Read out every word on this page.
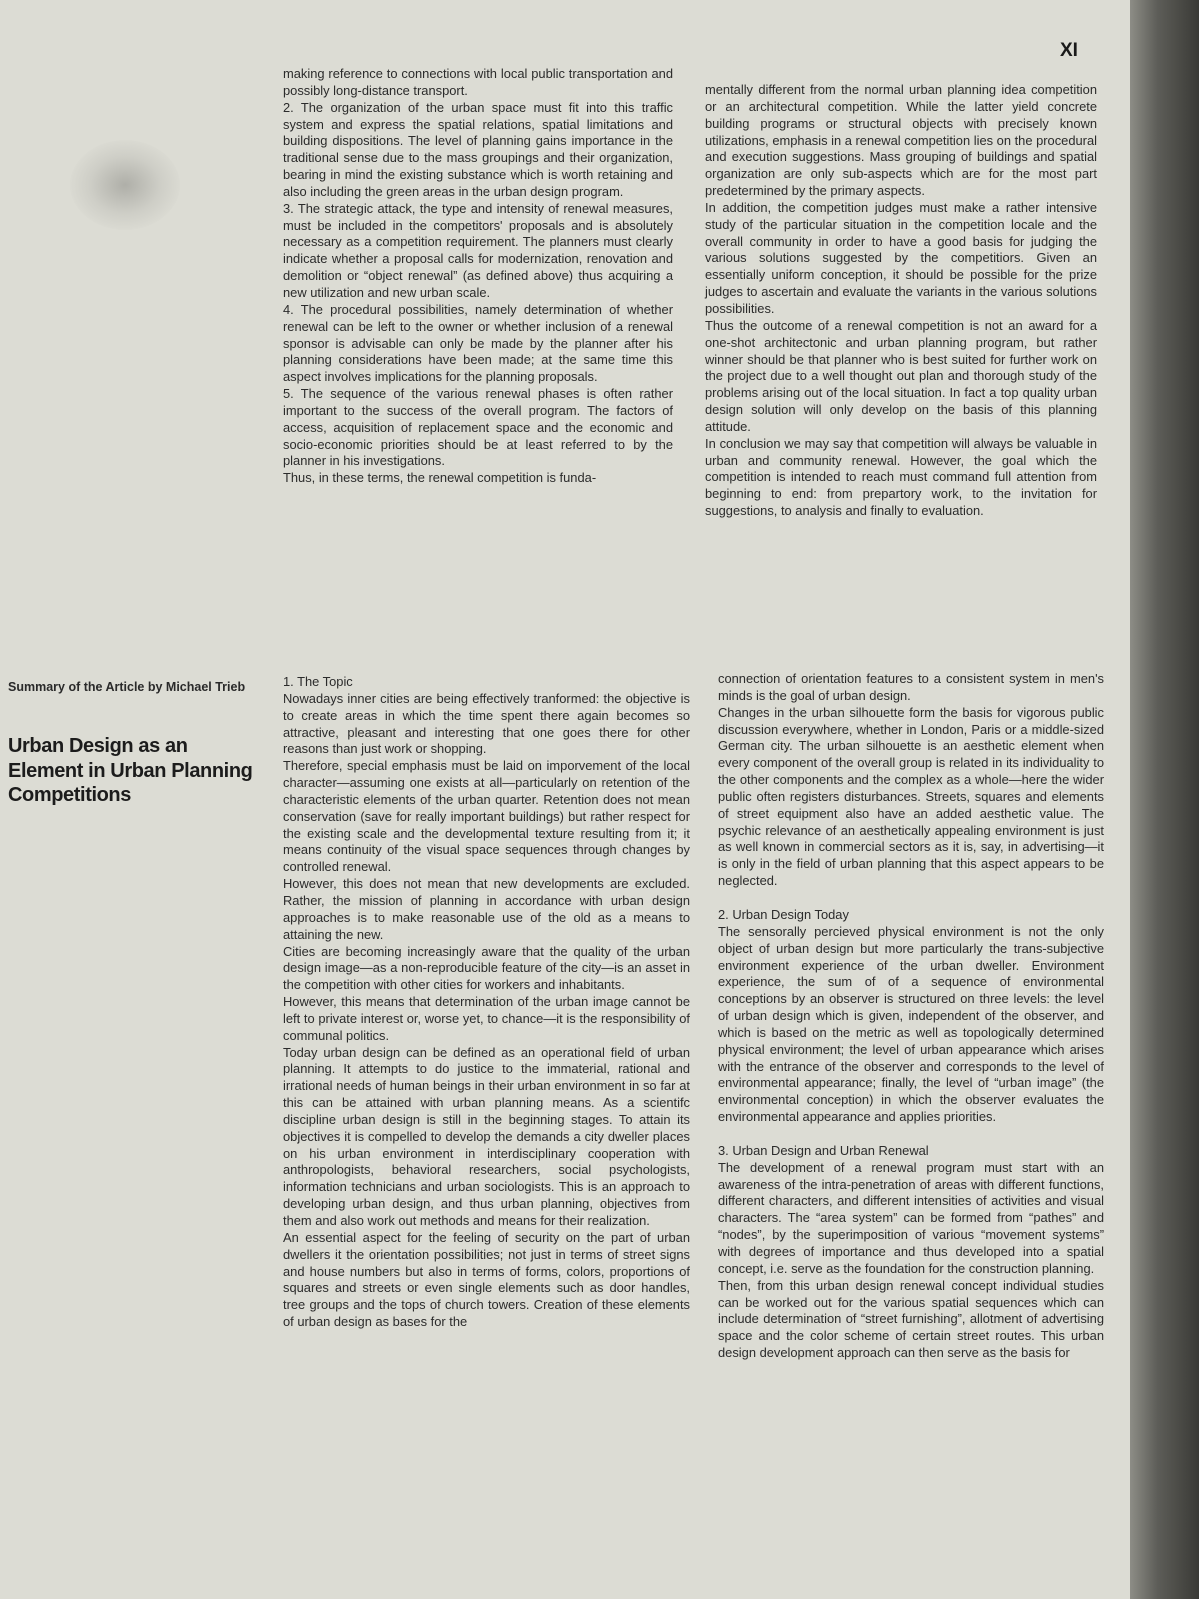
XI

making reference to connections with local public transportation and possibly long-distance transport.

2. The organization of the urban space must fit into this traffic system and express the spatial relations, spatial limitations and building dispositions. The level of planning gains importance in the traditional sense due to the mass groupings and their organization, bearing in mind the existing substance which is worth retaining and also including the green areas in the urban design program.

3. The strategic attack, the type and intensity of renewal measures, must be included in the competitors' proposals and is absolutely necessary as a competition requirement. The planners must clearly indicate whether a proposal calls for modernization, renovation and demolition or “object renewal” (as defined above) thus acquiring a new utilization and new urban scale.

4. The procedural possibilities, namely determination of whether renewal can be left to the owner or whether inclusion of a renewal sponsor is advisable can only be made by the planner after his planning considerations have been made; at the same time this aspect involves implications for the planning proposals.

5. The sequence of the various renewal phases is often rather important to the success of the overall program. The factors of access, acquisition of replacement space and the economic and socio-economic priorities should be at least referred to by the planner in his investigations.

Thus, in these terms, the renewal competition is funda-

mentally different from the normal urban planning idea competition or an architectural competition. While the latter yield concrete building programs or structural objects with precisely known utilizations, emphasis in a renewal competition lies on the procedural and execution suggestions. Mass grouping of buildings and spatial organization are only sub-aspects which are for the most part predetermined by the primary aspects.

In addition, the competition judges must make a rather intensive study of the particular situation in the competition locale and the overall community in order to have a good basis for judging the various solutions suggested by the competitiors. Given an essentially uniform conception, it should be possible for the prize judges to ascertain and evaluate the variants in the various solutions possibilities.

Thus the outcome of a renewal competition is not an award for a one-shot architectonic and urban planning program, but rather winner should be that planner who is best suited for further work on the project due to a well thought out plan and thorough study of the problems arising out of the local situation. In fact a top quality urban design solution will only develop on the basis of this planning attitude.

In conclusion we may say that competition will always be valuable in urban and community renewal. However, the goal which the competition is intended to reach must command full attention from beginning to end: from prepartory work, to the invitation for suggestions, to analysis and finally to evaluation.

Summary of the Article by Michael Trieb
Urban Design as an Element in Urban Planning Competitions

1. The Topic

Nowadays inner cities are being effectively tranformed: the objective is to create areas in which the time spent there again becomes so attractive, pleasant and interesting that one goes there for other reasons than just work or shopping.

Therefore, special emphasis must be laid on imporvement of the local character—assuming one exists at all—particularly on retention of the characteristic elements of the urban quarter. Retention does not mean conservation (save for really important buildings) but rather respect for the existing scale and the developmental texture resulting from it; it means continuity of the visual space sequences through changes by controlled renewal.

However, this does not mean that new developments are excluded. Rather, the mission of planning in accordance with urban design approaches is to make reasonable use of the old as a means to attaining the new.

Cities are becoming increasingly aware that the quality of the urban design image—as a non-reproducible feature of the city—is an asset in the competition with other cities for workers and inhabitants.

However, this means that determination of the urban image cannot be left to private interest or, worse yet, to chance—it is the responsibility of communal politics.

Today urban design can be defined as an operational field of urban planning. It attempts to do justice to the immaterial, rational and irrational needs of human beings in their urban environment in so far at this can be attained with urban planning means. As a scientifc discipline urban design is still in the beginning stages. To attain its objectives it is compelled to develop the demands a city dweller places on his urban environment in interdisciplinary cooperation with anthropologists, behavioral researchers, social psychologists, information technicians and urban sociologists. This is an approach to developing urban design, and thus urban planning, objectives from them and also work out methods and means for their realization.

An essential aspect for the feeling of security on the part of urban dwellers it the orientation possibilities; not just in terms of street signs and house numbers but also in terms of forms, colors, proportions of squares and streets or even single elements such as door handles, tree groups and the tops of church towers. Creation of these elements of urban design as bases for the

connection of orientation features to a consistent system in men's minds is the goal of urban design.

Changes in the urban silhouette form the basis for vigorous public discussion everywhere, whether in London, Paris or a middle-sized German city. The urban silhouette is an aesthetic element when every component of the overall group is related in its individuality to the other components and the complex as a whole—here the wider public often registers disturbances. Streets, squares and elements of street equipment also have an added aesthetic value. The psychic relevance of an aesthetically appealing environment is just as well known in commercial sectors as it is, say, in advertising—it is only in the field of urban planning that this aspect appears to be neglected.

2. Urban Design Today

The sensorally percieved physical environment is not the only object of urban design but more particularly the trans-subjective environment experience of the urban dweller. Environment experience, the sum of of a sequence of environmental conceptions by an observer is structured on three levels: the level of urban design which is given, independent of the observer, and which is based on the metric as well as topologically determined physical environment; the level of urban appearance which arises with the entrance of the observer and corresponds to the level of environmental appearance; finally, the level of “urban image” (the environmental conception) in which the observer evaluates the environmental appearance and applies priorities.

3. Urban Design and Urban Renewal

The development of a renewal program must start with an awareness of the intra-penetration of areas with different functions, different characters, and different intensities of activities and visual characters. The “area system” can be formed from “pathes” and “nodes”, by the superimposition of various “movement systems” with degrees of importance and thus developed into a spatial concept, i.e. serve as the foundation for the construction planning.

Then, from this urban design renewal concept individual studies can be worked out for the various spatial sequences which can include determination of “street furnishing”, allotment of advertising space and the color scheme of certain street routes. This urban design development approach can then serve as the basis for
